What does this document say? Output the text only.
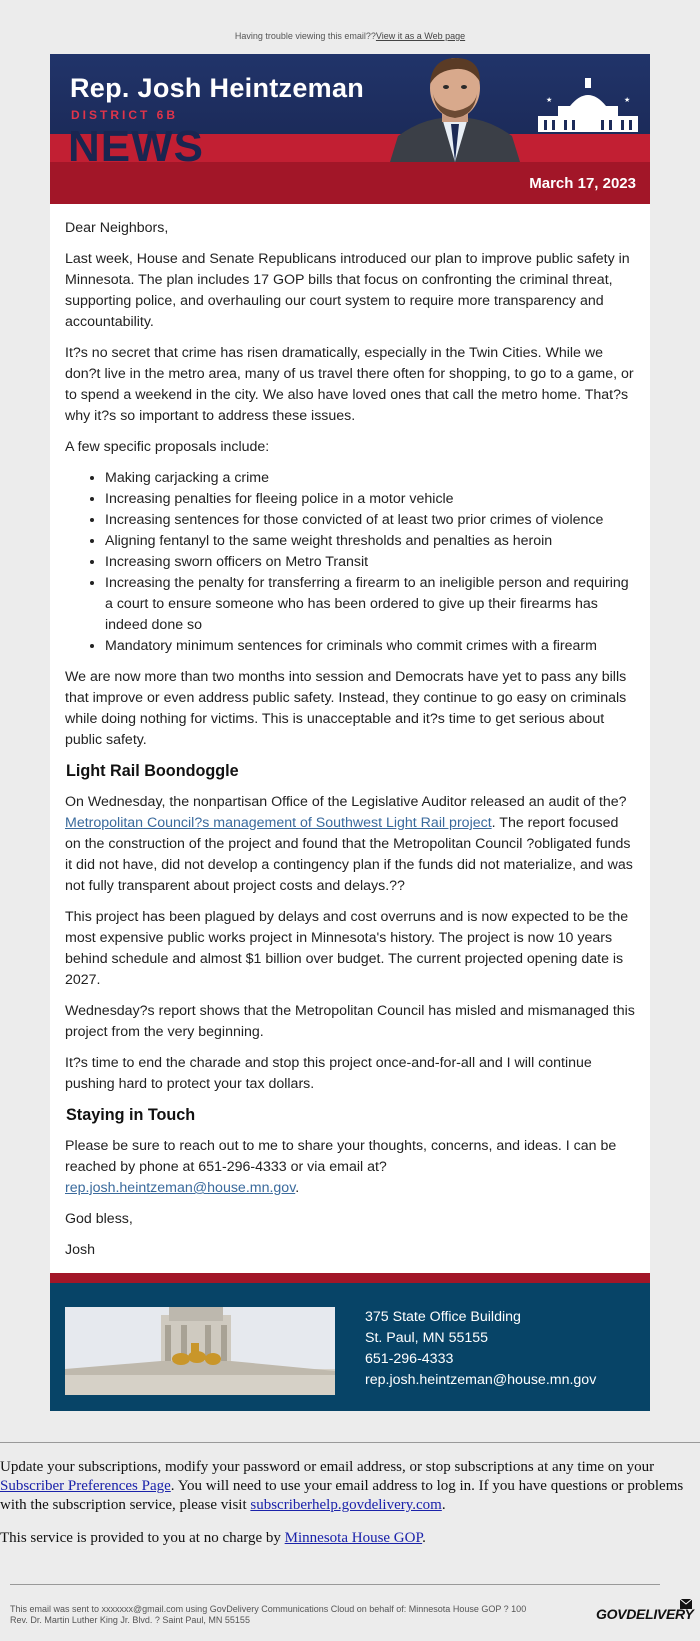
Having trouble viewing this email??View it as a Web page
Rep. Josh Heintzeman
DISTRICT 6B
NEWS
★	★
March 17, 2023

Dear Neighbors,

Last week, House and Senate Republicans introduced our plan to improve public safety in Minnesota. The plan includes 17 GOP bills that focus on confronting the criminal threat, supporting police, and overhauling our court system to require more transparency and accountability.

It?s no secret that crime has risen dramatically, especially in the Twin Cities. While we don?t live in the metro area, many of us travel there often for shopping, to go to a game, or to spend a weekend in the city. We also have loved ones that call the metro home. That?s why it?s so important to address these issues.

A few specific proposals include:

• Making carjacking a crime
• Increasing penalties for fleeing police in a motor vehicle
• Increasing sentences for those convicted of at least two prior crimes of violence
• Aligning fentanyl to the same weight thresholds and penalties as heroin
• Increasing sworn officers on Metro Transit
• Increasing the penalty for transferring a firearm to an ineligible person and requiring a court to ensure someone who has been ordered to give up their firearms has indeed done so
• Mandatory minimum sentences for criminals who commit crimes with a firearm

We are now more than two months into session and Democrats have yet to pass any bills that improve or even address public safety. Instead, they continue to go easy on criminals while doing nothing for victims. This is unacceptable and it?s time to get serious about public safety.

Light Rail Boondoggle

On Wednesday, the nonpartisan Office of the Legislative Auditor released an audit of the?Metropolitan Council?s management of Southwest Light Rail project. The report focused on the construction of the project and found that the Metropolitan Council ?obligated funds it did not have, did not develop a contingency plan if the funds did not materialize, and was not fully transparent about project costs and delays.??

This project has been plagued by delays and cost overruns and is now expected to be the most expensive public works project in Minnesota's history. The project is now 10 years behind schedule and almost $1 billion over budget. The current projected opening date is 2027.

Wednesday?s report shows that the Metropolitan Council has misled and mismanaged this project from the very beginning.

It?s time to end the charade and stop this project once-and-for-all and I will continue pushing hard to protect your tax dollars.

Staying in Touch

Please be sure to reach out to me to share your thoughts, concerns, and ideas. I can be reached by phone at 651-296-4333 or via email at?
rep.josh.heintzeman@house.mn.gov.

God bless,

Josh

375 State Office Building
St. Paul, MN 55155
651-296-4333
rep.josh.heintzeman@house.mn.gov

Update your subscriptions, modify your password or email address, or stop subscriptions at any time on your Subscriber Preferences Page. You will need to use your email address to log in. If you have questions or problems with the subscription service, please visit subscriberhelp.govdelivery.com.

This service is provided to you at no charge by Minnesota House GOP.

This email was sent to xxxxxxx@gmail.com using GovDelivery Communications Cloud on behalf of: Minnesota House GOP ? 100
Rev. Dr. Martin Luther King Jr. Blvd. ? Saint Paul, MN 55155	GOVDELIVERY
